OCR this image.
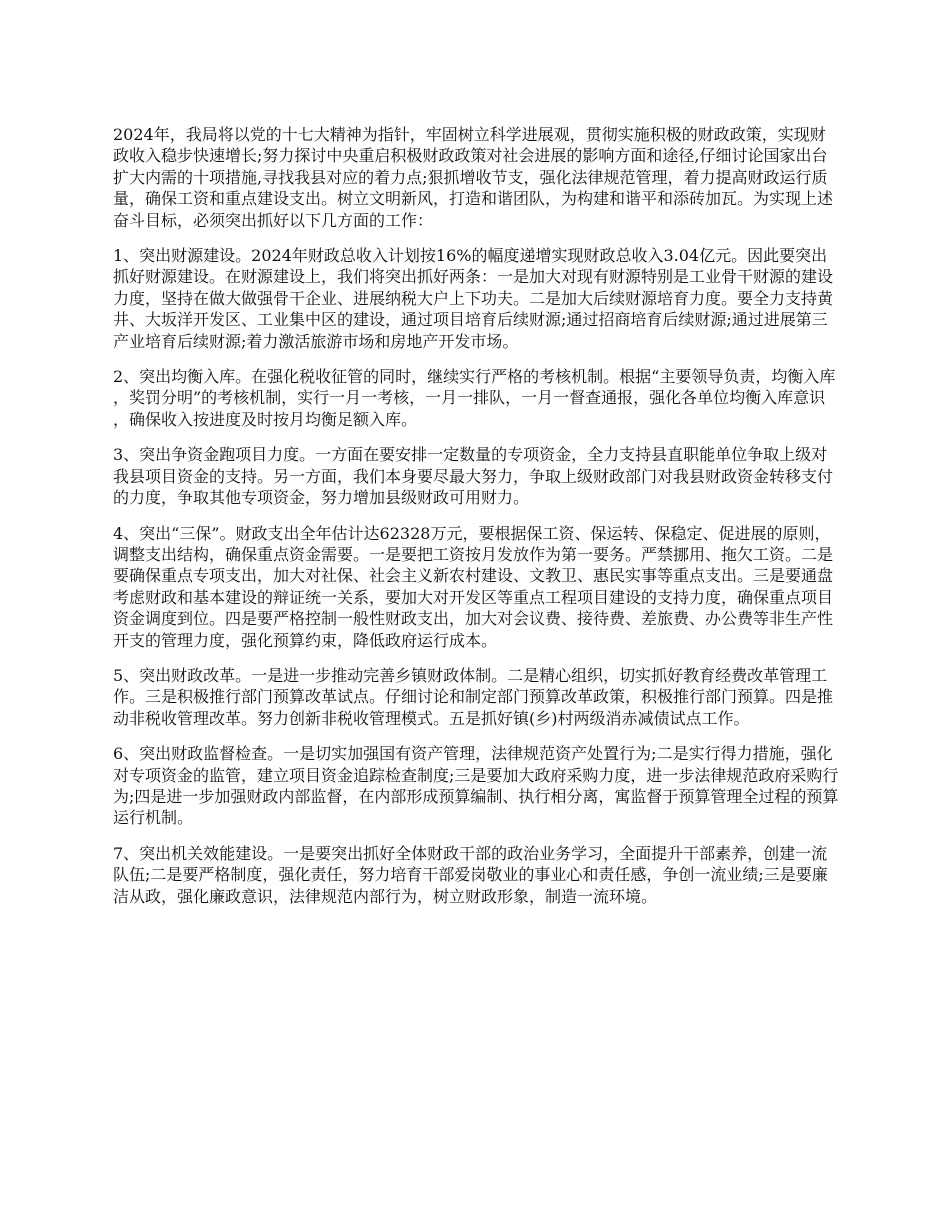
2024年，我局将以党的十七大精神为指针，牢固树立科学进展观，贯彻实施积极的财政政策，实现财政收入稳步快速增长;努力探讨中央重启积极财政政策对社会进展的影响方面和途径,仔细讨论国家出台扩大内需的十项措施,寻找我县对应的着力点;狠抓增收节支，强化法律规范管理，着力提高财政运行质量，确保工资和重点建设支出。树立文明新风，打造和谐团队，为构建和谐平和添砖加瓦。为实现上述奋斗目标，必须突出抓好以下几方面的工作：

1、突出财源建设。2024年财政总收入计划按16%的幅度递增实现财政总收入3.04亿元。因此要突出抓好财源建设。在财源建设上，我们将突出抓好两条：一是加大对现有财源特别是工业骨干财源的建设力度，坚持在做大做强骨干企业、进展纳税大户上下功夫。二是加大后续财源培育力度。要全力支持黄井、大坂洋开发区、工业集中区的建设，通过项目培育后续财源;通过招商培育后续财源;通过进展第三产业培育后续财源;着力激活旅游市场和房地产开发市场。

2、突出均衡入库。在强化税收征管的同时，继续实行严格的考核机制。根据“主要领导负责，均衡入库，奖罚分明”的考核机制，实行一月一考核，一月一排队，一月一督查通报，强化各单位均衡入库意识，确保收入按进度及时按月均衡足额入库。

3、突出争资金跑项目力度。一方面在要安排一定数量的专项资金，全力支持县直职能单位争取上级对我县项目资金的支持。另一方面，我们本身要尽最大努力，争取上级财政部门对我县财政资金转移支付的力度，争取其他专项资金，努力增加县级财政可用财力。

4、突出“三保”。财政支出全年估计达62328万元，要根据保工资、保运转、保稳定、促进展的原则，调整支出结构，确保重点资金需要。一是要把工资按月发放作为第一要务。严禁挪用、拖欠工资。二是要确保重点专项支出，加大对社保、社会主义新农村建设、文教卫、惠民实事等重点支出。三是要通盘考虑财政和基本建设的辩证统一关系，要加大对开发区等重点工程项目建设的支持力度，确保重点项目资金调度到位。四是要严格控制一般性财政支出，加大对会议费、接待费、差旅费、办公费等非生产性开支的管理力度，强化预算约束，降低政府运行成本。

5、突出财政改革。一是进一步推动完善乡镇财政体制。二是精心组织，切实抓好教育经费改革管理工作。三是积极推行部门预算改革试点。仔细讨论和制定部门预算改革政策，积极推行部门预算。四是推动非税收管理改革。努力创新非税收管理模式。五是抓好镇(乡)村两级消赤减债试点工作。

6、突出财政监督检查。一是切实加强国有资产管理，法律规范资产处置行为;二是实行得力措施，强化对专项资金的监管，建立项目资金追踪检查制度;三是要加大政府采购力度，进一步法律规范政府采购行为;四是进一步加强财政内部监督，在内部形成预算编制、执行相分离，寓监督于预算管理全过程的预算运行机制。

7、突出机关效能建设。一是要突出抓好全体财政干部的政治业务学习，全面提升干部素养，创建一流队伍;二是要严格制度，强化责任，努力培育干部爱岗敬业的事业心和责任感，争创一流业绩;三是要廉洁从政，强化廉政意识，法律规范内部行为，树立财政形象，制造一流环境。
